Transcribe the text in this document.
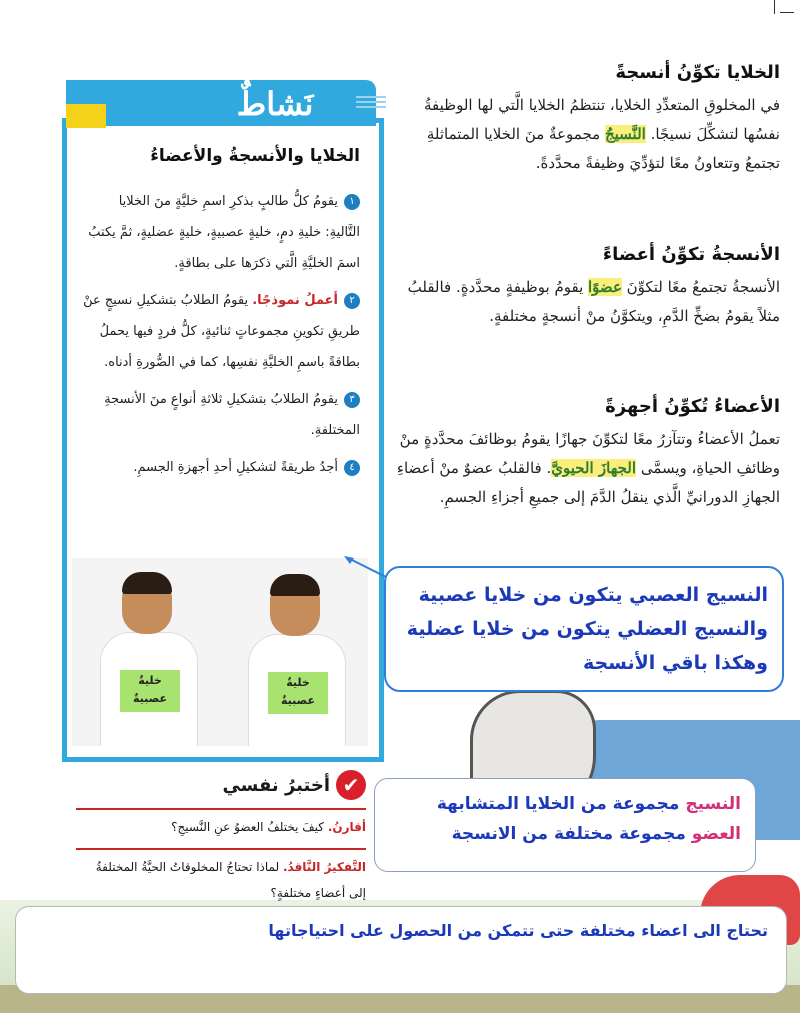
الخلايا تكوِّنُ أنسجةً
في المخلوقِ المتعدِّدِ الخلايا، تنتظمُ الخلايا الَّتي لها الوظيفةُ نفسُها لتشكِّلَ نسيجًا. النَّسيجُ مجموعةٌ منَ الخلايا المتماثلةِ تجتمعُ وتتعاونُ معًا لتؤدِّيَ وظيفةً محدَّدةً.
الأنسجةُ تكوِّنُ أعضاءً
الأنسجةُ تجتمعُ معًا لتكوِّنَ عضوًا يقومُ بوظيفةٍ محدَّدةٍ. فالقلبُ مثلاً يقومُ بضخِّ الدَّمِ، ويتكوَّنُ منْ أنسجةٍ مختلفةٍ.
الأعضاءُ تُكوِّنُ أجهزةً
تعملُ الأعضاءُ وتتآزرُ معًا لتكوِّنَ جهازًا يقومُ بوظائفَ محدَّدةٍ منْ وظائفِ الحياةِ، ويسمَّى الجهازَ الحيويَّ. فالقلبُ عضوٌ منْ أعضاءِ الجهازِ الدورانيِّ الَّذي ينقلُ الدَّمَ إلى جميعِ أجزاءِ الجسمِ.
نَشاطٌ
الخلايا والأنسجةُ والأعضاءُ
١يقومُ كلُّ طالبٍ بذكرِ اسمِ خليَّةٍ منَ الخلايا التَّاليةِ: خليةِ دمٍ، خليةٍ عصبيةٍ، خليةٍ عضليةٍ، ثمَّ يكتبُ اسمَ الخليَّةِ الَّتي ذكرَها على بطاقةٍ.
٢أعملُ نموذجًا. يقومُ الطلابُ بتشكيلِ نسيجٍ عنْ طريقِ تكوينِ مجموعاتٍ ثنائيةٍ، كلُّ فردٍ فيها يحملُ بطاقةً باسمِ الخليَّةِ نفسِها، كما في الصُّورةِ أدناه.
٣يقومُ الطلابُ بتشكيلِ ثلاثةِ أنواعٍ منَ الأنسجةِ المختلفةِ.
٤أجدُ طريقةً لتشكيلِ أحدِ أجهزةِ الجسمِ.
خليةٌ عصبيةٌ
خليةٌ عصبيةٌ
النسيج العصبي يتكون من خلايا عصبية
والنسيج العضلي يتكون من خلايا عضلية
وهكذا باقي الأنسجة
✔
أختبرُ نفسي
أقارنُ. كيفَ يختلفُ العضوُ عنِ النَّسيجِ؟
التَّفكيرُ النَّاقدُ. لماذا تحتاجُ المخلوقاتُ الحيَّةُ المختلفةُ إلى أعضاءٍ مختلفةٍ؟
النسيج مجموعة من الخلايا المتشابهة
العضو مجموعة مختلفة من الانسجة
تحتاج الى اعضاء مختلفة حتى تتمكن من الحصول على احتياجاتها
